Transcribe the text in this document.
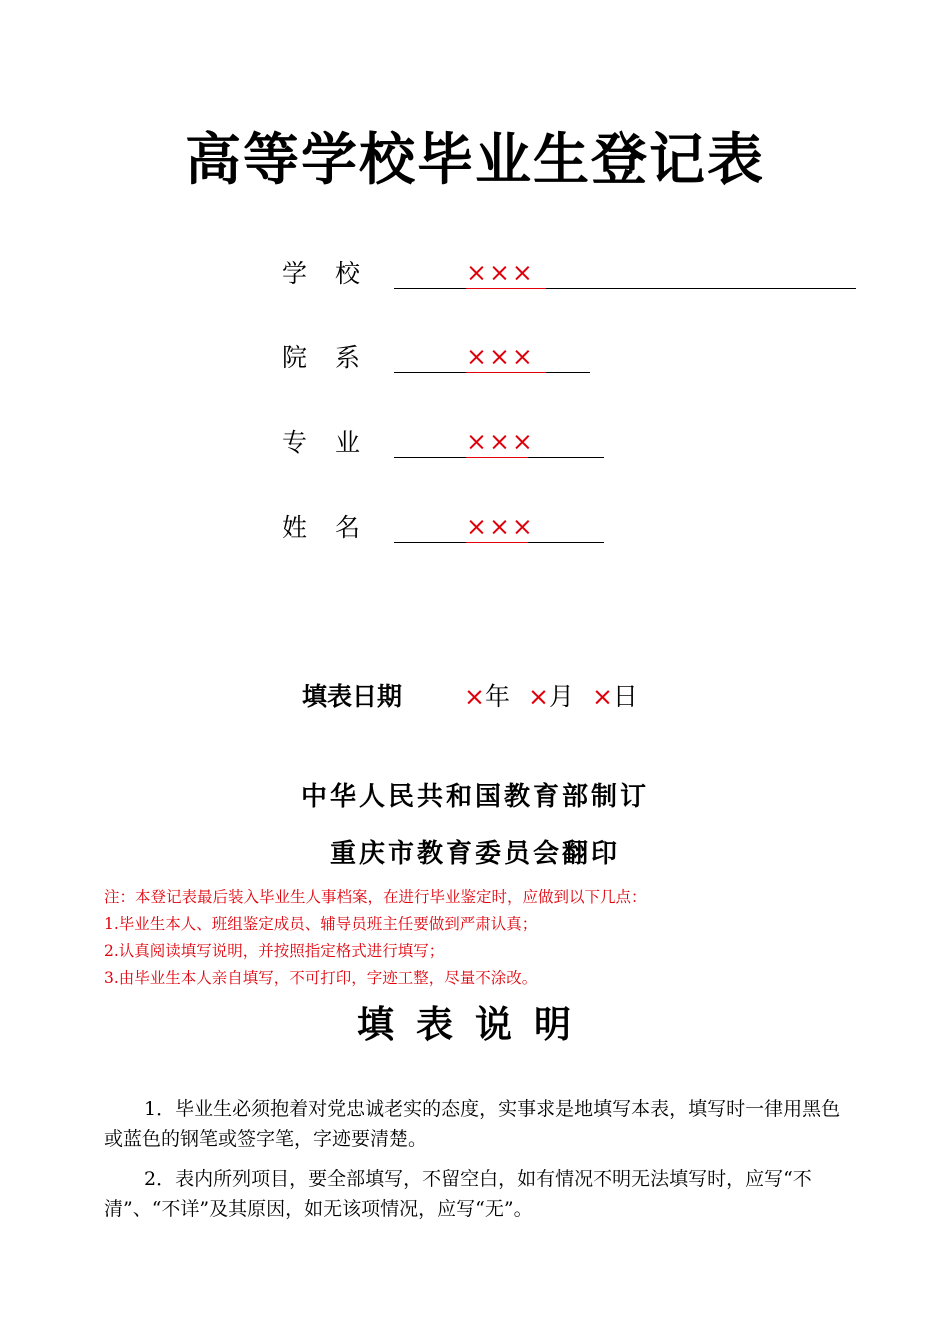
高等学校毕业生登记表
学校	×××
院系	×××
专业	×××
姓名	×××
填表日期 ×年 ×月 ×日
中华人民共和国教育部制订
重庆市教育委员会翻印
注：本登记表最后装入毕业生人事档案，在进行毕业鉴定时，应做到以下几点：
1.毕业生本人、班组鉴定成员、辅导员班主任要做到严肃认真；
2.认真阅读填写说明，并按照指定格式进行填写；
3.由毕业生本人亲自填写，不可打印，字迹工整，尽量不涂改。
填表说明
1．毕业生必须抱着对党忠诚老实的态度，实事求是地填写本表，填写时一律用黑色或蓝色的钢笔或签字笔，字迹要清楚。
2．表内所列项目，要全部填写，不留空白，如有情况不明无法填写时，应写“不清”、“不详”及其原因，如无该项情况，应写“无”。
